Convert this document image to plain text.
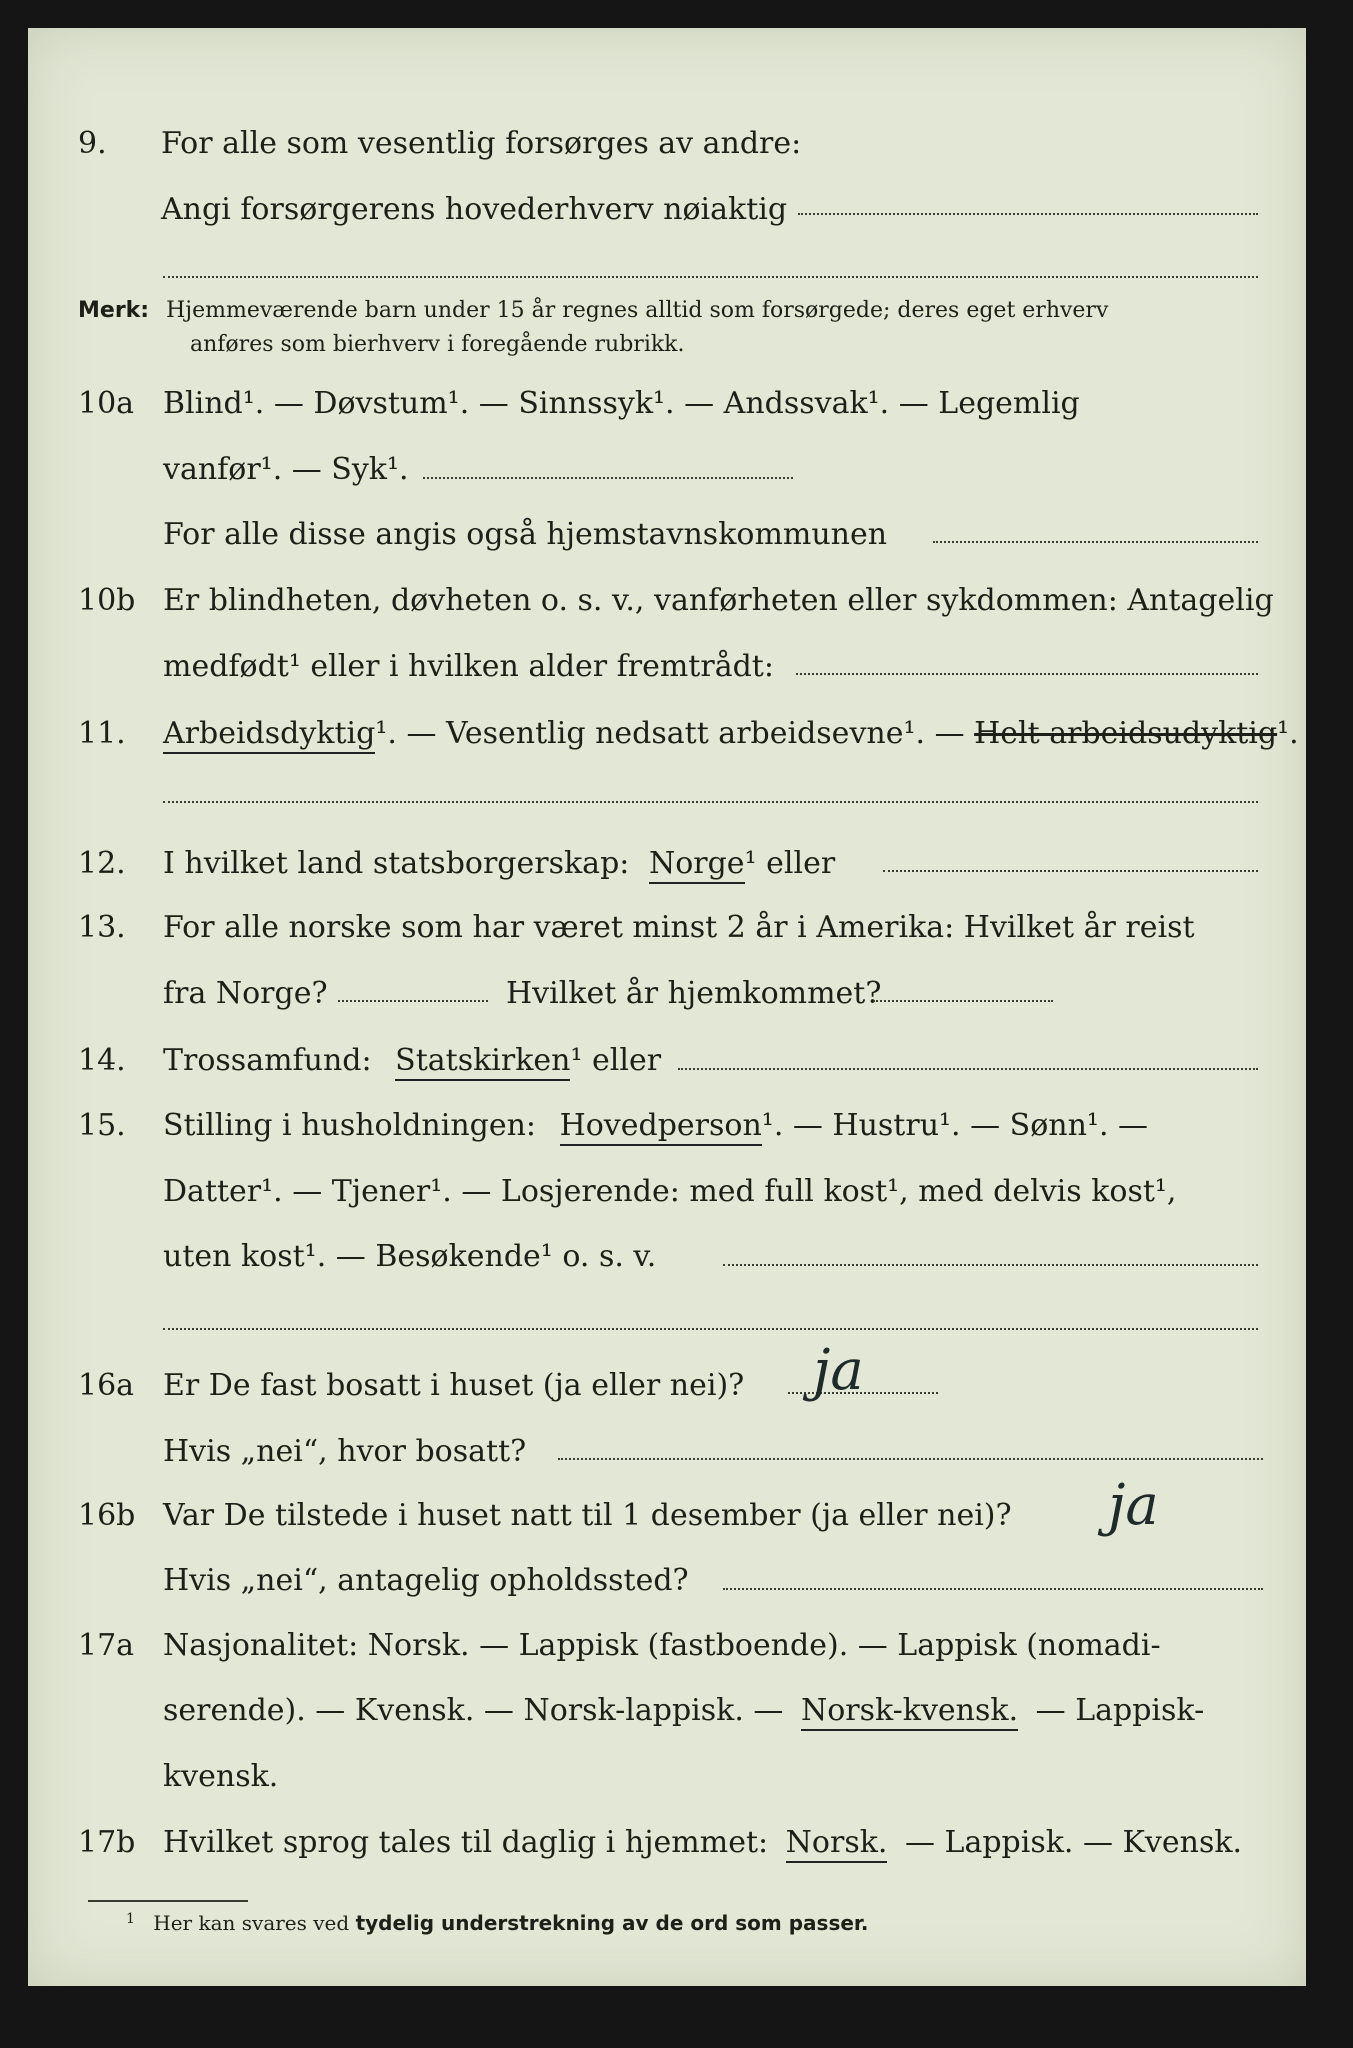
9.	For alle som vesentlig forsørges av andre:
Angi forsørgerens hovederhverv nøiaktig
Merk: Hjemmeværende barn under 15 år regnes alltid som forsørgede; deres eget erhverv
anføres som bierhverv i foregående rubrikk.
10a Blind¹. — Døvstum¹. — Sinnssyk¹. — Andssvak¹. — Legemlig
vanfør¹. — Syk¹.
For alle disse angis også hjemstavnskommunen
10b Er blindheten, døvheten o. s. v., vanførheten eller sykdommen: Antagelig
medfødt¹ eller i hvilken alder fremtrådt:
11.	Arbeidsdyktig¹. — Vesentlig nedsatt arbeidsevne¹. — Helt arbeidsudyktig¹.
12.	I hvilket land statsborgerskap: Norge¹ eller
13.	For alle norske som har været minst 2 år i Amerika: Hvilket år reist
fra Norge?	Hvilket år hjemkommet?
14.	Trossamfund: Statskirken¹ eller
15.	Stilling i husholdningen: Hovedperson¹. — Hustru¹. — Sønn¹. —
Datter¹. — Tjener¹. — Losjerende: med full kost¹, med delvis kost¹,
uten kost¹. — Besøkende¹ o. s. v.
16a Er De fast bosatt i huset (ja eller nei)? ja
Hvis „nei“, hvor bosatt?
16b Var De tilstede i huset natt til 1 desember (ja eller nei)? ja
Hvis „nei“, antagelig opholdssted?
17a Nasjonalitet: Norsk. — Lappisk (fastboende). — Lappisk (nomadi-
serende). — Kvensk. — Norsk-lappisk. — Norsk-kvensk. — Lappisk-
kvensk.
17b Hvilket sprog tales til daglig i hjemmet: Norsk. — Lappisk. — Kvensk.
$^1$ Her kan svares ved tydelig understrekning av de ord som passer.
